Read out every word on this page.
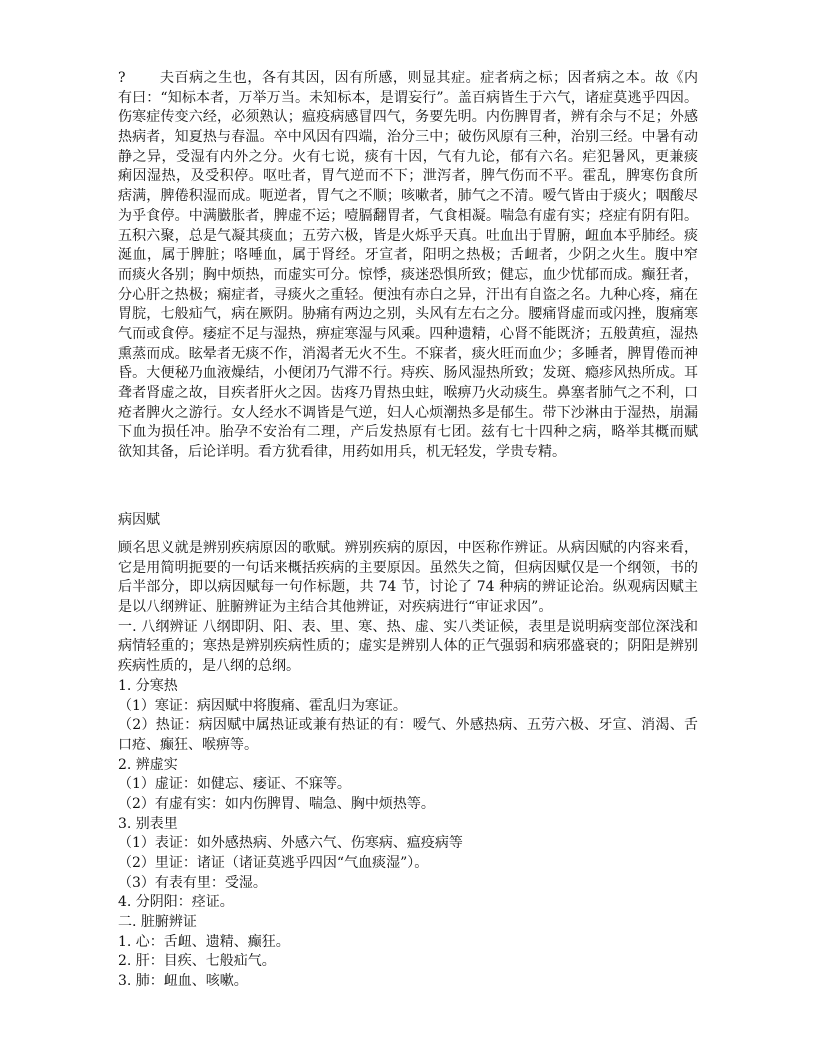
?	夫百病之生也，各有其因，因有所感，则显其症。症者病之标；因者病之本。故《内
有曰：“知标本者，万举万当。未知标本，是谓妄行”。盖百病皆生于六气，诸症莫逃乎四因。
伤寒症传变六经，必须熟认；瘟疫病感冒四气，务要先明。内伤脾胃者，辨有余与不足；外感
热病者，知夏热与春温。卒中风因有四端，治分三中；破伤风原有三种，治别三经。中暑有动
静之异，受湿有内外之分。火有七说，痰有十因，气有九论，郁有六名。疟犯暑风，更兼痰
痢因湿热，及受积停。呕吐者，胃气逆而不下；泄泻者，脾气伤而不平。霍乱，脾寒伤食所
痞满，脾倦积湿而成。呃逆者，胃气之不顺；咳嗽者，肺气之不清。嗳气皆由于痰火；咽酸尽
为乎食停。中满臌胀者，脾虚不运；噎膈翻胃者，气食相凝。喘急有虚有实；痉症有阴有阳。
五积六聚，总是气凝其痰血；五劳六极，皆是火烁乎天真。吐血出于胃腑，衄血本乎肺经。痰
涎血，属于脾脏；咯唾血，属于肾经。牙宣者，阳明之热极；舌衄者，少阴之火生。腹中窄
而痰火各别；胸中烦热，而虚实可分。惊悸，痰迷恐惧所致；健忘，血少忧郁而成。癫狂者，
分心肝之热极；痫症者，寻痰火之重轻。便浊有赤白之异，汗出有自盗之名。九种心疼，痛在
胃脘，七般疝气，病在厥阴。胁痛有两边之别，头风有左右之分。腰痛肾虚而或闪挫，腹痛寒
气而或食停。痿症不足与湿热，痹症寒湿与风乘。四种遗精，心肾不能既济；五般黄疸，湿热
熏蒸而成。眩晕者无痰不作，消渴者无火不生。不寐者，痰火旺而血少；多睡者，脾胃倦而神
昏。大便秘乃血液燥结，小便闭乃气滞不行。痔疾、肠风湿热所致；发斑、瘾疹风热所成。耳
聋者肾虚之故，目疾者肝火之因。齿疼乃胃热虫蛀，喉痹乃火动痰生。鼻塞者肺气之不利，口
疮者脾火之游行。女人经水不调皆是气逆，妇人心烦潮热多是郁生。带下沙淋由于湿热，崩漏
下血为损任冲。胎孕不安治有二理，产后发热原有七团。兹有七十四种之病，略举其概而赋
欲知其备，后论详明。看方犹看律，用药如用兵，机无轻发，学贵专精。
病因赋
顾名思义就是辨别疾病原因的歌赋。辨别疾病的原因，中医称作辨证。从病因赋的内容来看，
它是用简明扼要的一句话来概括疾病的主要原因。虽然失之简，但病因赋仅是一个纲领，书的
后半部分，即以病因赋每一句作标题，共 74 节，讨论了 74 种病的辨证论治。纵观病因赋主
是以八纲辨证、脏腑辨证为主结合其他辨证，对疾病进行“审证求因”。
一. 八纲辨证 八纲即阴、阳、表、里、寒、热、虚、实八类证候，表里是说明病变部位深浅和
病情轻重的；寒热是辨别疾病性质的；虚实是辨别人体的正气强弱和病邪盛衰的；阴阳是辨别
疾病性质的，是八纲的总纲。
1. 分寒热
（1）寒证：病因赋中将腹痛、霍乱归为寒证。
（2）热证：病因赋中属热证或兼有热证的有：嗳气、外感热病、五劳六极、牙宣、消渴、舌
口疮、癫狂、喉痹等。
2. 辨虚实
（1）虚证：如健忘、痿证、不寐等。
（2）有虚有实：如内伤脾胃、喘急、胸中烦热等。
3. 别表里
（1）表证：如外感热病、外感六气、伤寒病、瘟疫病等
（2）里证：诸证（诸证莫逃乎四因“气血痰湿”）。
（3）有表有里：受湿。
4. 分阴阳：痉证。
二. 脏腑辨证
1. 心：舌衄、遗精、癫狂。
2. 肝：目疾、七般疝气。
3. 肺：衄血、咳嗽。
